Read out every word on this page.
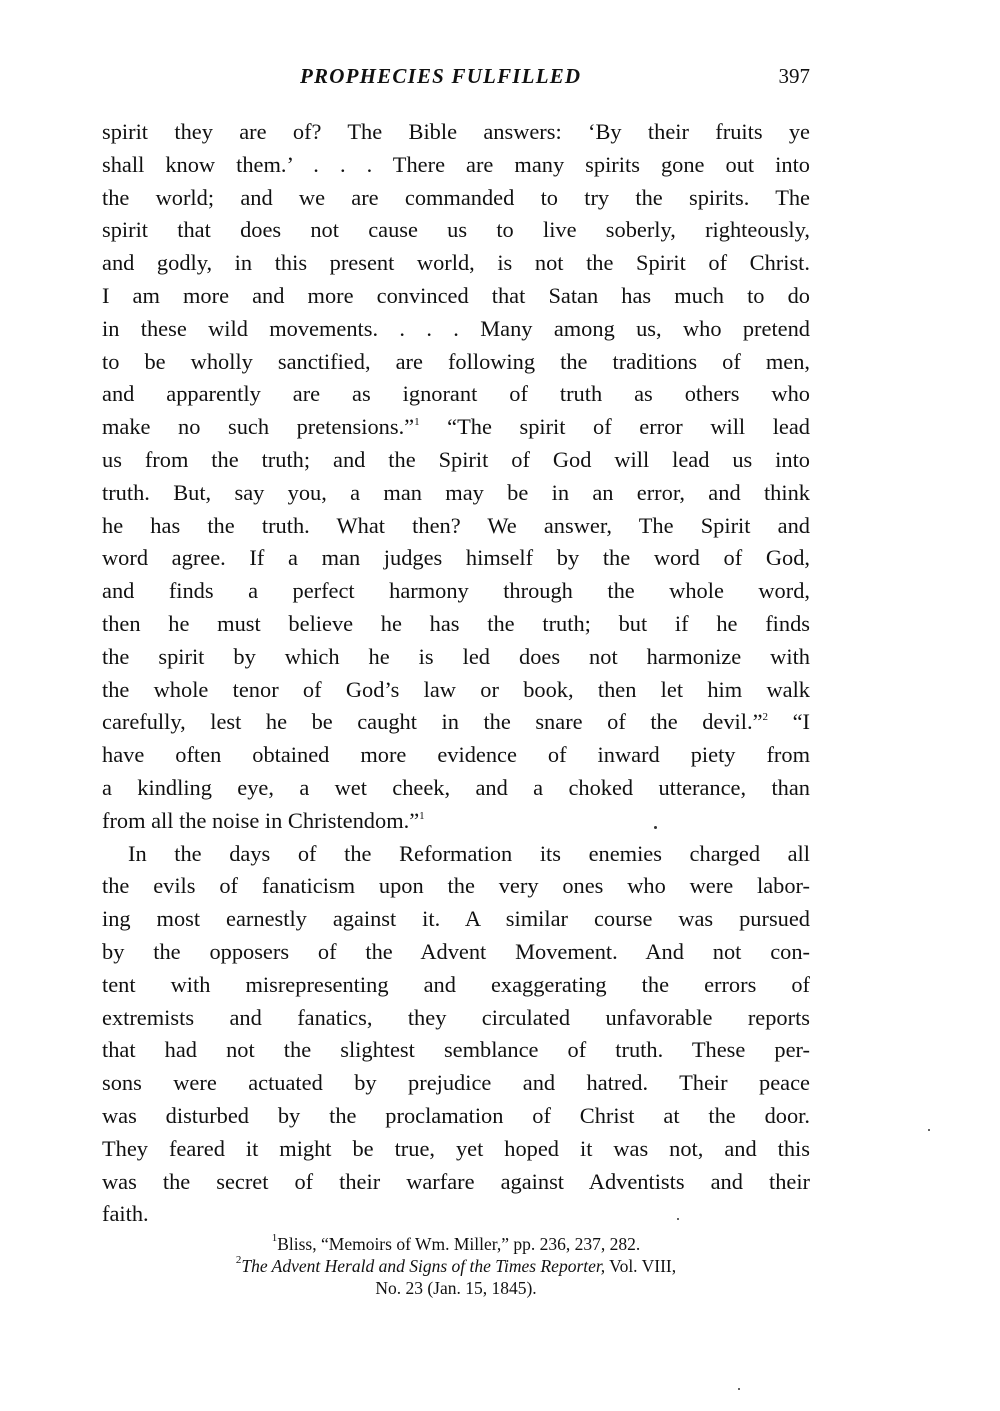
PROPHECIES FULFILLED	397
spirit they are of? The Bible answers: ‘By their fruits ye
shall know them.’ . . . There are many spirits gone out into
the world; and we are commanded to try the spirits. The
spirit that does not cause us to live soberly, righteously,
and godly, in this present world, is not the Spirit of Christ.
I am more and more convinced that Satan has much to do
in these wild movements. . . . Many among us, who pretend
to be wholly sanctified, are following the traditions of men,
and apparently are as ignorant of truth as others who
make no such pretensions.”$^1$ “The spirit of error will lead
us from the truth; and the Spirit of God will lead us into
truth. But, say you, a man may be in an error, and think
he has the truth. What then? We answer, The Spirit and
word agree. If a man judges himself by the word of God,
and finds a perfect harmony through the whole word,
then he must believe he has the truth; but if he finds
the spirit by which he is led does not harmonize with
the whole tenor of God’s law or book, then let him walk
carefully, lest he be caught in the snare of the devil.”$^2$ “I
have often obtained more evidence of inward piety from
a kindling eye, a wet cheek, and a choked utterance, than
from all the noise in Christendom.”$^1$
In the days of the Reformation its enemies charged all
the evils of fanaticism upon the very ones who were labor-
ing most earnestly against it. A similar course was pursued
by the opposers of the Advent Movement. And not con-
tent with misrepresenting and exaggerating the errors of
extremists and fanatics, they circulated unfavorable reports
that had not the slightest semblance of truth. These per-
sons were actuated by prejudice and hatred. Their peace
was disturbed by the proclamation of Christ at the door.
They feared it might be true, yet hoped it was not, and this
was the secret of their warfare against Adventists and their
faith.
$^1$Bliss, “Memoirs of Wm. Miller,” pp. 236, 237, 282.
$^2$The Advent Herald and Signs of the Times Reporter, Vol. VIII,
No. 23 (Jan. 15, 1845).
